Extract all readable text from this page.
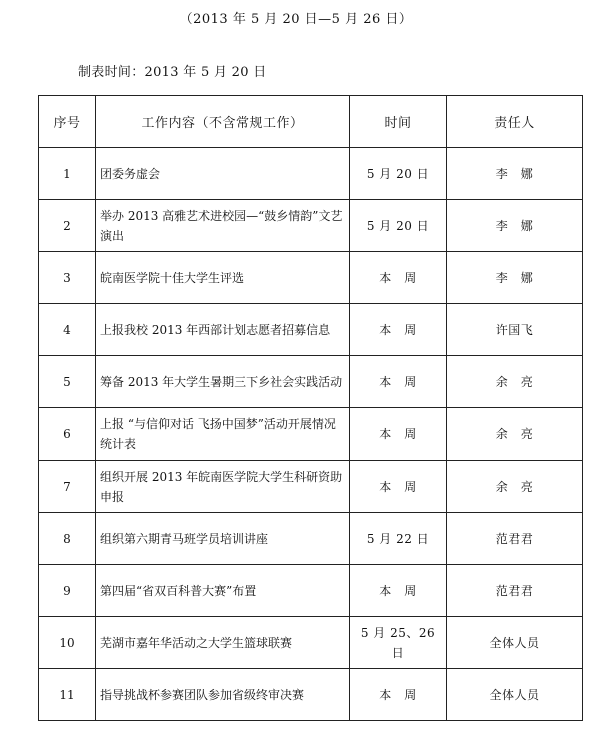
（2013 年 5 月 20 日—5 月 26 日）
制表时间：2013 年 5 月 20 日
序号	工作内容（不含常规工作）	时间	责任人
1	团委务虚会	5 月 20 日	李　娜
2	举办 2013 高雅艺术进校园—“鼓乡情韵”文艺演出	5 月 20 日	李　娜
3	皖南医学院十佳大学生评选	本　周	李　娜
4	上报我校 2013 年西部计划志愿者招募信息	本　周	许国飞
5	筹备 2013 年大学生暑期三下乡社会实践活动	本　周	余　亮
6	上报 “与信仰对话 飞扬中国梦”活动开展情况统计表	本　周	余　亮
7	组织开展 2013 年皖南医学院大学生科研资助申报	本　周	余　亮
8	组织第六期青马班学员培训讲座	5 月 22 日	范君君
9	第四届“省双百科普大赛”布置	本　周	范君君
10	芜湖市嘉年华活动之大学生篮球联赛	5 月 25、26 日	全体人员
11	指导挑战杯参赛团队参加省级终审决赛	本　周	全体人员
